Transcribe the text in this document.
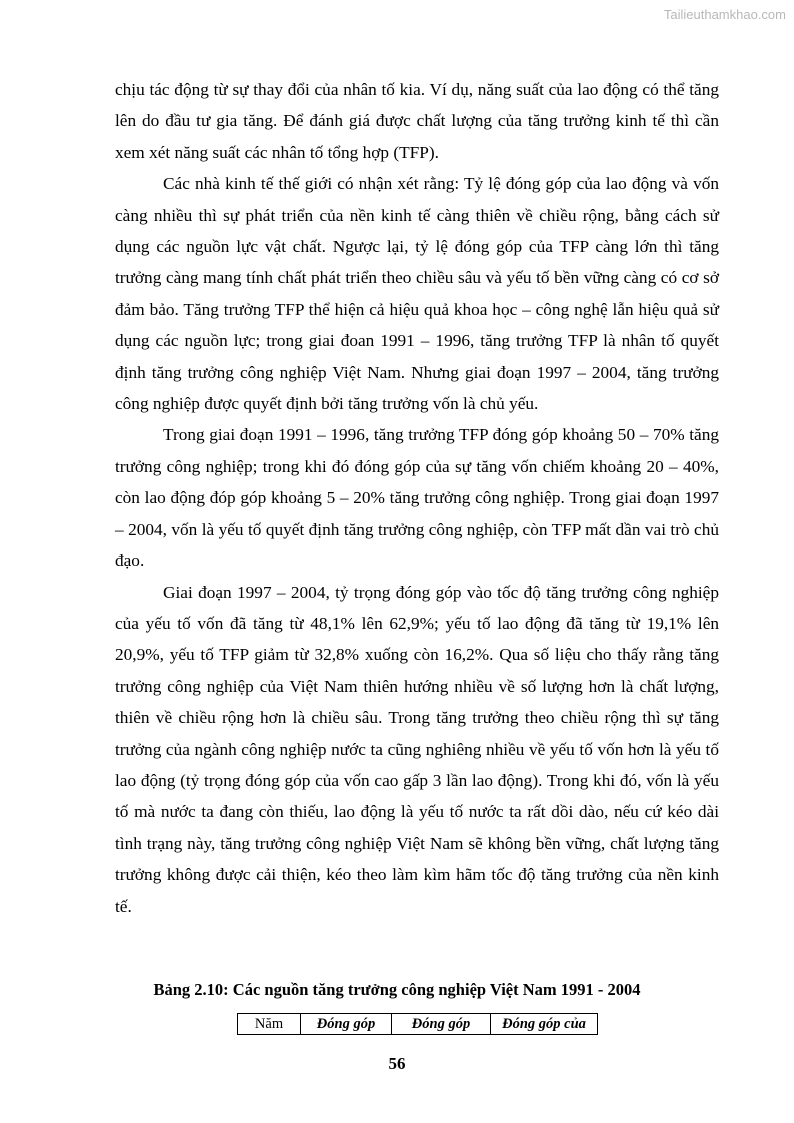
Tailieuthamkhao.com

chịu tác động từ sự thay đổi của nhân tố kia. Ví dụ, năng suất của lao động có thể tăng lên do đầu tư gia tăng. Để đánh giá được chất lượng của tăng trưởng kinh tế thì cần xem xét năng suất các nhân tố tổng hợp (TFP).

Các nhà kinh tế thế giới có nhận xét rằng: Tỷ lệ đóng góp của lao động và vốn càng nhiều thì sự phát triển của nền kinh tế càng thiên về chiều rộng, bằng cách sử dụng các nguồn lực vật chất. Ngược lại, tỷ lệ đóng góp của TFP càng lớn thì tăng trưởng càng mang tính chất phát triển theo chiều sâu và yếu tố bền vững càng có cơ sở đảm bảo. Tăng trưởng TFP thể hiện cả hiệu quả khoa học – công nghệ lẫn hiệu quả sử dụng các nguồn lực; trong giai đoan 1991 – 1996, tăng trưởng TFP là nhân tố quyết định tăng trưởng công nghiệp Việt Nam. Nhưng giai đoạn 1997 – 2004, tăng trưởng công nghiệp được quyết định bởi tăng trưởng vốn là chủ yếu.

Trong giai đoạn 1991 – 1996, tăng trưởng TFP đóng góp khoảng 50 – 70% tăng trưởng công nghiệp; trong khi đó đóng góp của sự tăng vốn chiếm khoảng 20 – 40%, còn lao động đóp góp khoảng 5 – 20% tăng trưởng công nghiệp. Trong giai đoạn 1997 – 2004, vốn là yếu tố quyết định tăng trưởng công nghiệp, còn TFP mất dần vai trò chủ đạo.

Giai đoạn 1997 – 2004, tỷ trọng đóng góp vào tốc độ tăng trưởng công nghiệp của yếu tố vốn đã tăng từ 48,1% lên 62,9%; yếu tố lao động đã tăng từ 19,1% lên 20,9%, yếu tố TFP giảm từ 32,8% xuống còn 16,2%. Qua số liệu cho thấy rằng tăng trưởng công nghiệp của Việt Nam thiên hướng nhiều về số lượng hơn là chất lượng, thiên về chiều rộng hơn là chiều sâu. Trong tăng trưởng theo chiều rộng thì sự tăng trưởng của ngành công nghiệp nước ta cũng nghiêng nhiều về yếu tố vốn hơn là yếu tố lao động (tỷ trọng đóng góp của vốn cao gấp 3 lần lao động). Trong khi đó, vốn là yếu tố mà nước ta đang còn thiếu, lao động là yếu tố nước ta rất dồi dào, nếu cứ kéo dài tình trạng này, tăng trưởng công nghiệp Việt Nam sẽ không bền vững, chất lượng tăng trưởng không được cải thiện, kéo theo làm kìm hãm tốc độ tăng trưởng của nền kinh tế.

Bảng 2.10: Các nguồn tăng trưởng công nghiệp Việt Nam 1991 - 2004
Năm	Đóng góp	Đóng góp	Đóng góp của
56
